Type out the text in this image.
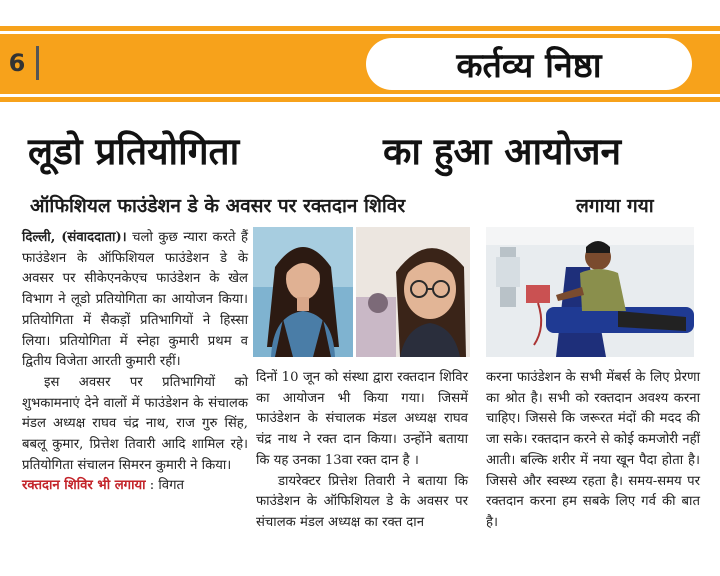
6	कर्तव्य निष्ठा
लूडो प्रतियोगिता	का हुआ आयोजन
ऑफिशियल फाउंडेशन डे के अवसर पर रक्तदान शिविर	लगाया गया

दिल्ली, (संवाददाता)। चलो कुछ न्यारा करते हैं फाउंडेशन के ऑफिशियल फाउंडेशन डे के अवसर पर सीकेएनकेएच फाउंडेशन के खेल विभाग ने लूडो प्रतियोगिता का आयोजन किया। प्रतियोगिता में सैकड़ों प्रतिभागियों ने हिस्सा लिया। प्रतियोगिता में स्नेहा कुमारी प्रथम व द्वितीय विजेता आरती कुमारी रहीं।

इस अवसर पर प्रतिभागियों को शुभकामनाएं देने वालों में फाउंडेशन के संचालक मंडल अध्यक्ष राघव चंद्र नाथ, राज गुरु सिंह, बबलू कुमार, प्रित्तेश तिवारी आदि शामिल रहे। प्रतियोगिता संचालन सिमरन कुमारी ने किया।

रक्तदान शिविर भी लगाया : विगत

दिनों 10 जून को संस्था द्वारा रक्तदान शिविर का आयोजन भी किया गया। जिसमें फाउंडेशन के संचालक मंडल अध्यक्ष राघव चंद्र नाथ ने रक्त दान किया। उन्होंने बताया कि यह उनका 13वा रक्त दान है ।

डायरेक्टर प्रित्तेश तिवारी ने बताया कि फाउंडेशन के ऑफिशियल डे के अवसर पर संचालक मंडल अध्यक्ष का रक्त दान

करना फाउंडेशन के सभी मेंबर्स के लिए प्रेरणा का श्रोत है। सभी को रक्तदान अवश्य करना चाहिए। जिससे कि जरूरत मंदों की मदद की जा सके। रक्तदान करने से कोई कमजोरी नहीं आती। बल्कि शरीर में नया खून पैदा होता है। जिससे और स्वस्थ्य रहता है। समय-समय पर रक्तदान करना हम सबके लिए गर्व की बात है।
